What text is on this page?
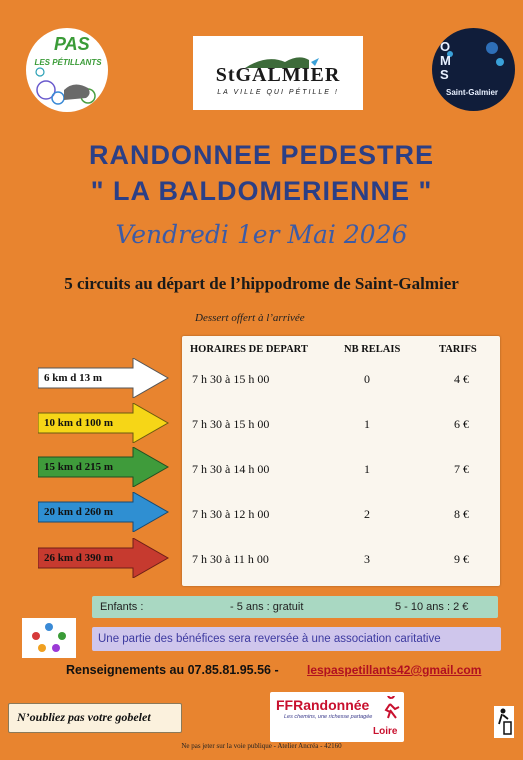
PAS
LES PÉTILLANTS
StGALMIER
LA VILLE QUI PÉTILLE !
OMS
Saint-Galmier
RANDONNEE PEDESTRE
" LA BALDOMERIENNE "
Vendredi 1er Mai 2026
5 circuits au départ de l’hippodrome de Saint-Galmier
Dessert offert à l’arrivée
HORAIRES DE DEPART	NB RELAIS	TARIFS
7 h 30 à 15 h 00	0	4 €
7 h 30 à 15 h 00	1	6 €
7 h 30 à 14 h 00	1	7 €
7 h 30 à 12 h 00	2	8 €
7 h 30 à 11 h 00	3	9 €
6 km d 13 m
10 km d 100 m
15 km d 215 m
20 km d 260 m
26 km d 390 m
Enfants :	- 5 ans : gratuit	5 - 10 ans : 2 €
Une partie des bénéfices sera reversée à une association caritative
Renseignements au 07.85.81.95.56 - lespaspetillants42@gmail.com
N’oubliez pas votre gobelet
FFRandonnée
Les chemins, une richesse partagée
Loire
Ne pas jeter sur la voie publique - Atelier Ancréa - 42160
